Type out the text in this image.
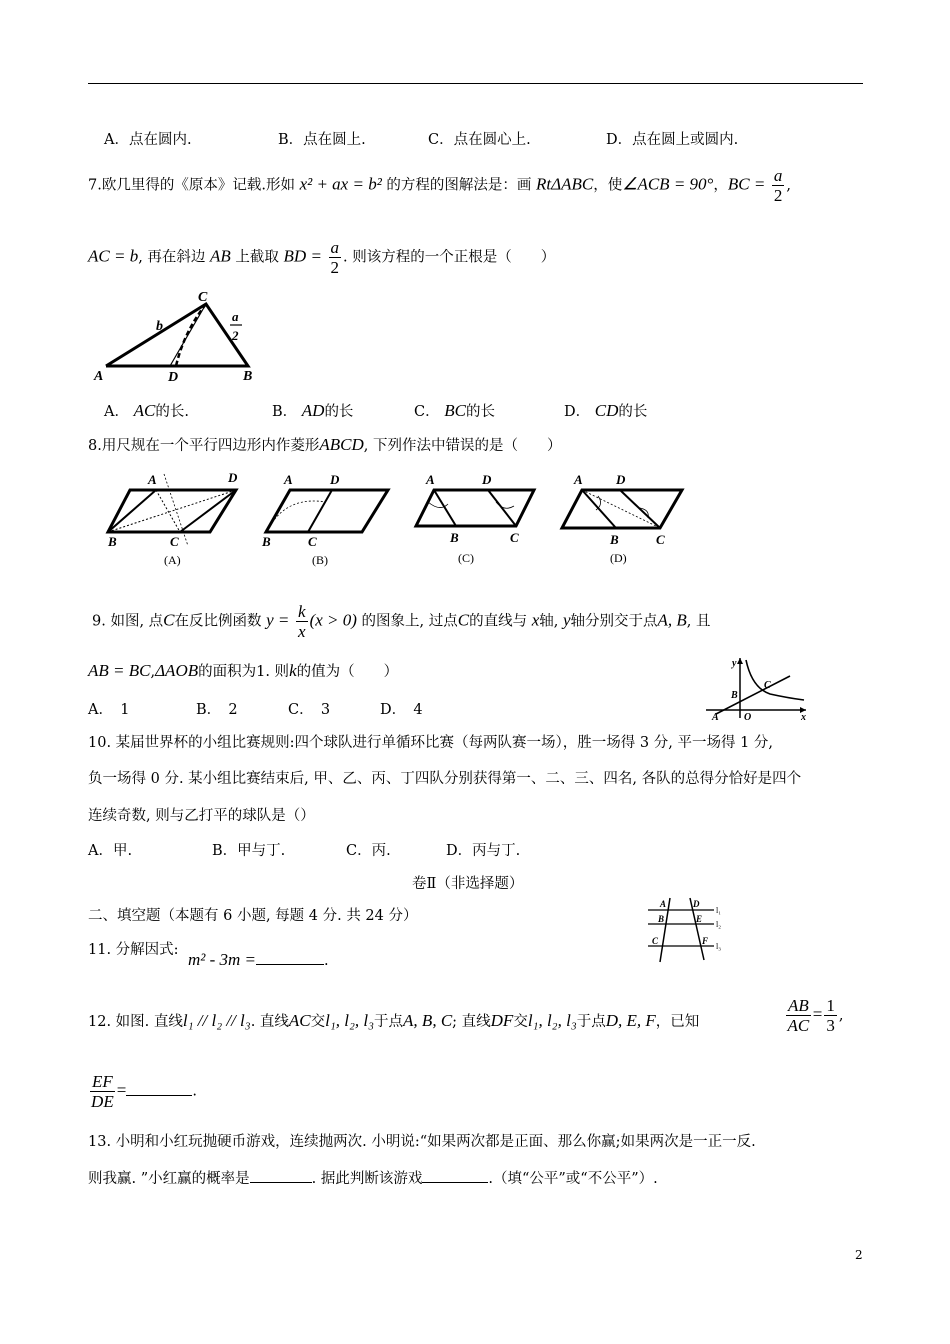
A．点在圆内.	B．点在圆上.	C．点在圆心上.	D．点在圆上或圆内.
7.欧几里得的《原本》记载.形如 x² + ax = b² 的方程的图解法是：画 RtΔABC，使∠ACB = 90°，BC = $\frac{a}{2}$ ,
AC = b, 再在斜边 AB 上截取 BD = $\frac{a}{2}$ . 则该方程的一个正根是（　　）
C
A	D	B
b
a
2
A． AC的长.	B． AD的长	C． BC的长	D． CD的长
8.用尺规在一个平行四边形内作菱形ABCD, 下列作法中错误的是（　　）
A	D
B	C
(A)
A	D
B	C
(B)
A	D
B	C
(C)
A	D
B	C
(D)
9. 如图, 点C在反比例函数 $y = \frac{k}{x} (x > 0)$ 的图象上, 过点C的直线与 x轴, y轴分别交于点A, B, 且
AB = BC,ΔAOB的面积为1. 则k的值为（　　）
A．　1	B．　2	C．　3	D．　4
y
x
A	O
B
C
10. 某届世界杯的小组比赛规则:四个球队进行单循环比赛（每两队赛一场），胜一场得 3 分, 平一场得 1 分,
负一场得 0 分. 某小组比赛结束后, 甲、乙、丙、丁四队分别获得第一、二、三、四名, 各队的总得分恰好是四个
连续奇数, 则与乙打平的球队是（）
A．甲.	B．甲与丁.	C．丙.	D．丙与丁.
卷Ⅱ（非选择题）
二、填空题（本题有 6 小题, 每题 4 分. 共 24 分）
A
B
C
D
E
F
l₁
l₂
l₃
11. 分解因式: m² - 3m =	.
12. 如图. 直线l₁ // l₂ // l₃. 直线AC交l₁, l₂, l₃于点A, B, C; 直线DF交l₁, l₂, l₃于点D, E, F，已知	$\frac{AB}{AC} = \frac{1}{3}$ ,
$\frac{EF}{DE}$ =	.
13. 小明和小红玩抛硬币游戏，连续抛两次. 小明说:“如果两次都是正面、那么你赢;如果两次是一正一反.
则我赢. ”小红赢的概率是	. 据此判断该游戏	.（填“公平”或“不公平”）.
2
